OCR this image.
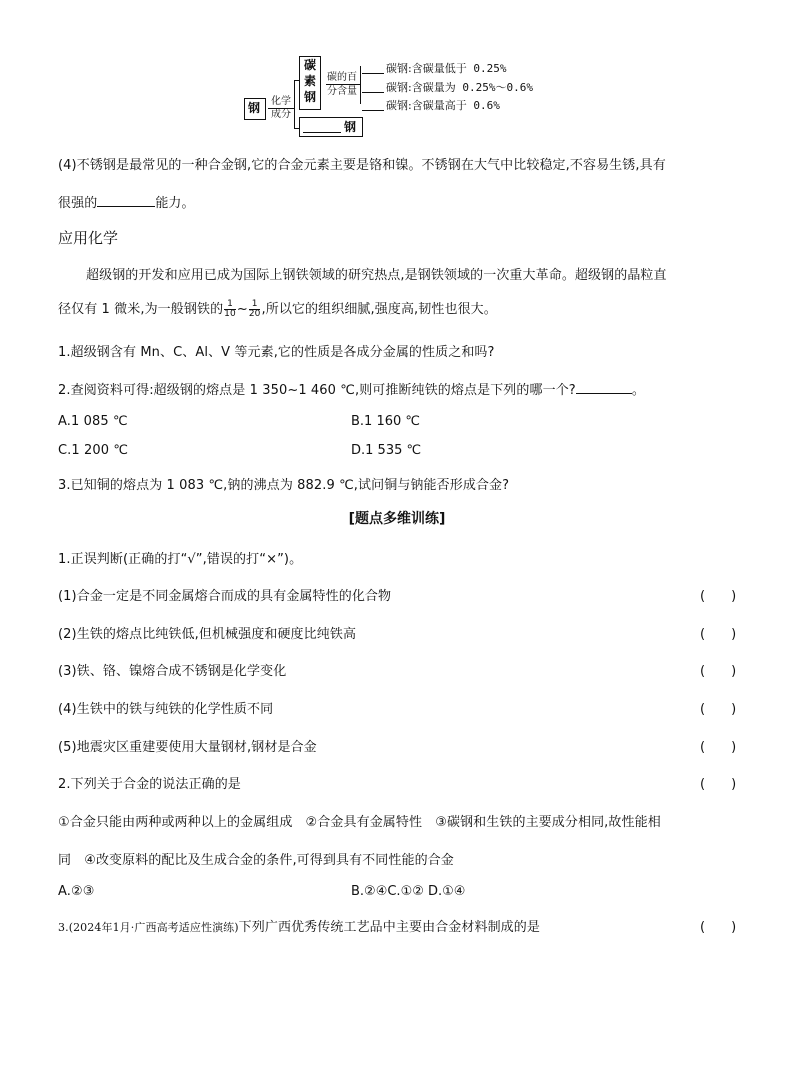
钢	化学
成分
碳
素
钢
碳的百
分含量
碳钢:含碳量低于 0.25%
碳钢:含碳量为 0.25%～0.6%
碳钢:含碳量高于 0.6%
钢
(4)不锈钢是最常见的一种合金钢,它的合金元素主要是铬和镍。不锈钢在大气中比较稳定,不容易生锈,具有
很强的	能力。
应用化学
超级钢的开发和应用已成为国际上钢铁领域的研究热点,是钢铁领域的一次重大革命。超级钢的晶粒直
径仅有 1 微米,为一般钢铁的 $\frac{1}{10}$ ~ $\frac{1}{20}$ ,所以它的组织细腻,强度高,韧性也很大。
1.超级钢含有 Mn、C、Al、V 等元素,它的性质是各成分金属的性质之和吗?
2.查阅资料可得:超级钢的熔点是 1 350~1 460 ℃,则可推断纯铁的熔点是下列的哪一个?	。
A.1 085 ℃	B.1 160 ℃
C.1 200 ℃	D.1 535 ℃
3.已知铜的熔点为 1 083 ℃,钠的沸点为 882.9 ℃,试问铜与钠能否形成合金?
[题点多维训练]
1.正误判断(正确的打“√”,错误的打“×”)。
(1)合金一定是不同金属熔合而成的具有金属特性的化合物	(　　)
(2)生铁的熔点比纯铁低,但机械强度和硬度比纯铁高	(　　)
(3)铁、铬、镍熔合成不锈钢是化学变化	(　　)
(4)生铁中的铁与纯铁的化学性质不同	(　　)
(5)地震灾区重建要使用大量钢材,钢材是合金	(　　)
2.下列关于合金的说法正确的是	(　　)
①合金只能由两种或两种以上的金属组成　②合金具有金属特性　③碳钢和生铁的主要成分相同,故性能相
同　④改变原料的配比及生成合金的条件,可得到具有不同性能的合金
A.②③	B.②④C.①② D.①④
3.(2024年1月·广西高考适应性演练)下列广西优秀传统工艺品中主要由合金材料制成的是	(　　)
